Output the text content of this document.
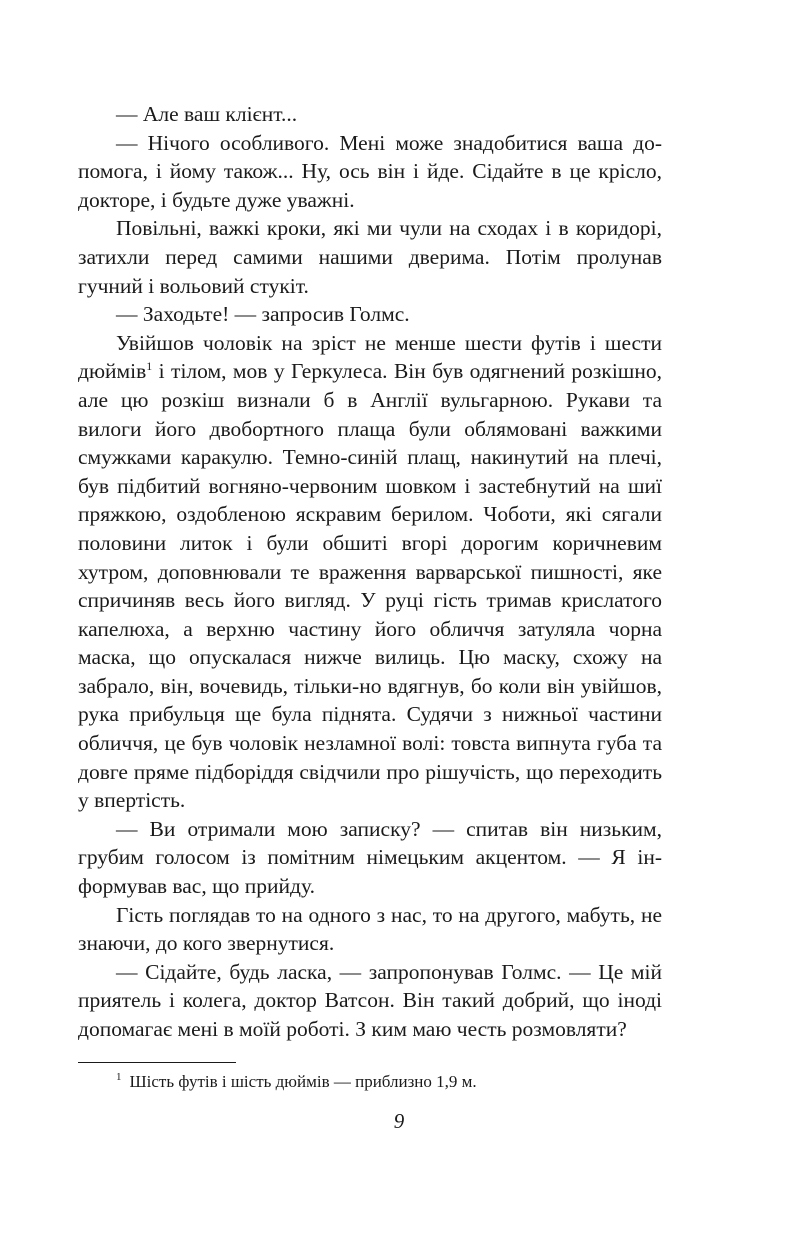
— Але ваш клієнт...

— Нічого особливого. Мені може знадобитися ваша допомога, і йому також... Ну, ось він і йде. Сідайте в це крісло, докторе, і будьте дуже уважні.

Повільні, важкі кроки, які ми чули на сходах і в коридорі, затихли перед самими нашими дверима. Потім пролунав гучний і вольовий стукіт.

— Заходьте! — запросив Голмс.

Увійшов чоловік на зріст не менше шести футів і шести дюймів$^1$ і тілом, мов у Геркулеса. Він був одягнений розкішно, але цю розкіш визнали б в Англії вульгарною. Рукави та вилоги його двобортного плаща були облямовані важкими смужками каракулю. Темно-синій плащ, накинутий на плечі, був підбитий вогняно-червоним шовком і застебнутий на шиї пряжкою, оздобленою яскравим берилом. Чоботи, які сягали половини литок і були обшиті вгорі дорогим коричневим хутром, доповнювали те враження варварської пишності, яке спричиняв весь його вигляд. У руці гість тримав крислатого капелюха, а верхню частину його обличчя затуляла чорна маска, що опускалася нижче вилиць. Цю маску, схожу на забрало, він, вочевидь, тільки-но вдягнув, бо коли він увійшов, рука прибульця ще була піднята. Судячи з нижньої частини обличчя, це був чоловік незламної волі: товста випнута губа та довге пряме підборіддя свідчили про рішучість, що переходить у впертість.

— Ви отримали мою записку? — спитав він низьким, грубим голосом із помітним німецьким акцентом. — Я інформував вас, що прийду.

Гість поглядав то на одного з нас, то на другого, мабуть, не знаючи, до кого звернутися.

— Сідайте, будь ласка, — запропонував Голмс. — Це мій приятель і колега, доктор Ватсон. Він такий добрий, що іноді допомагає мені в моїй роботі. З ким маю честь розмовляти?

$^1$ Шість футів і шість дюймів — приблизно 1,9 м.
9
